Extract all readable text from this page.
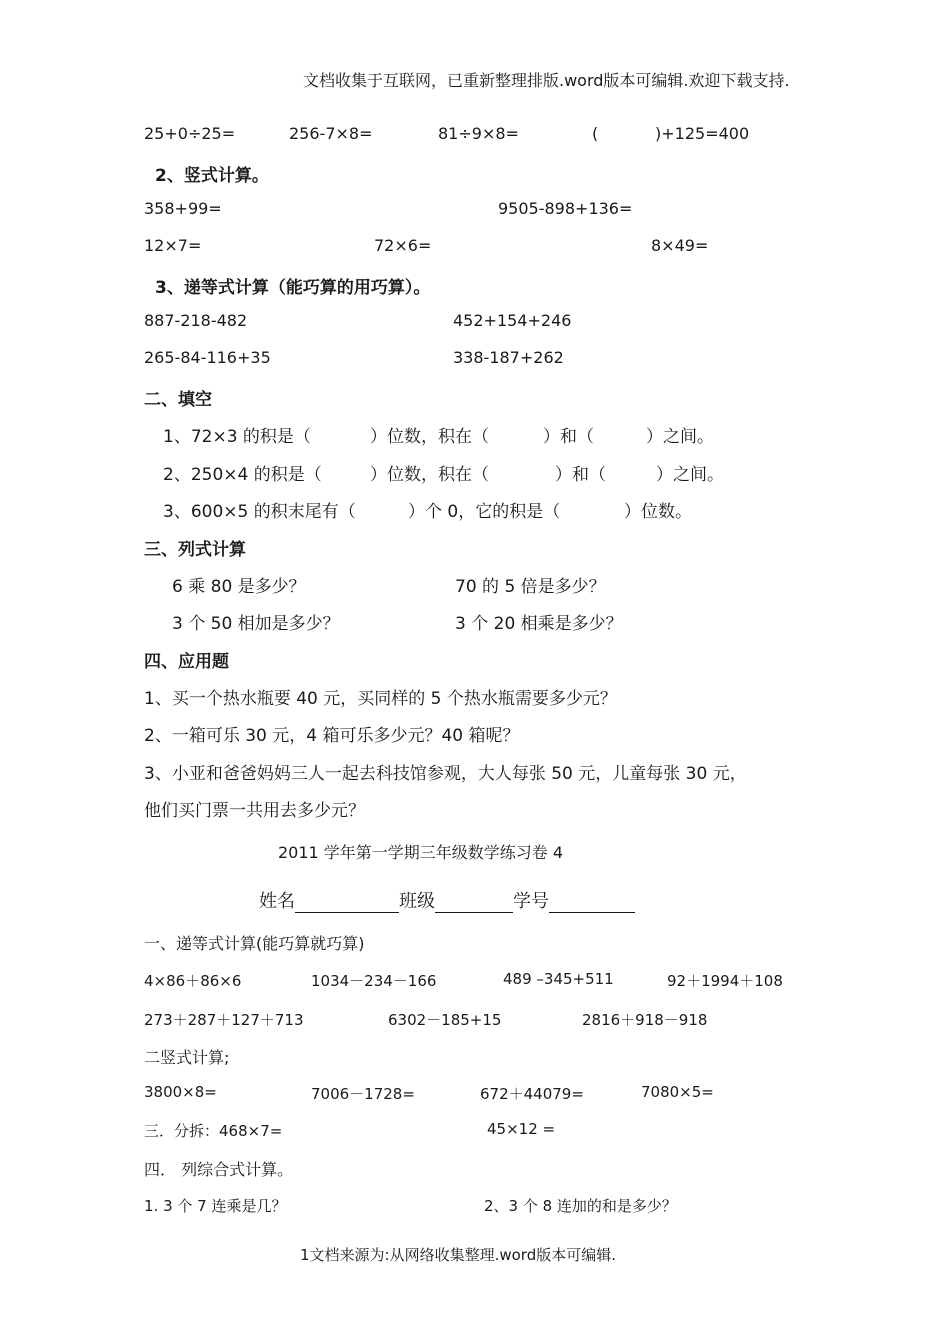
文档收集于互联网，已重新整理排版.word版本可编辑.欢迎下载支持.
25+0÷25=	256-7×8=	81÷9×8=	(	)+125=400
2、竖式计算。
358+99=	9505-898+136=
12×7=	72×6=	8×49=
3、递等式计算（能巧算的用巧算）。
887-218-482	452+154+246
265-84-116+35	338-187+262
二、填空
1、72×3 的积是（	）位数，积在（	）和（	）之间。
2、250×4 的积是（	）位数，积在（	）和（	）之间。
3、600×5 的积末尾有（	）个 0，它的积是（	）位数。
三、列式计算
6 乘 80 是多少？	70 的 5 倍是多少？
3 个 50 相加是多少？	3 个 20 相乘是多少？
四、应用题
1、买一个热水瓶要 40 元，买同样的 5 个热水瓶需要多少元？
2、一箱可乐 30 元，4 箱可乐多少元？40 箱呢？
3、小亚和爸爸妈妈三人一起去科技馆参观，大人每张 50 元，儿童每张 30 元，
他们买门票一共用去多少元？
2011 学年第一学期三年级数学练习卷 4
姓名	班级	学号
一、递等式计算(能巧算就巧算)
4×86＋86×6	1034－234－166	489 –345+511	92＋1994＋108
273＋287＋127＋713	6302－185+15	2816＋918－918
二竖式计算;
3800×8=	7006－1728=	672＋44079=	7080×5=
三．分拆：468×7=	45×12 =
四． 列综合式计算。
1. 3 个 7 连乘是几？	2、3 个 8 连加的和是多少？
1文档来源为:从网络收集整理.word版本可编辑.
